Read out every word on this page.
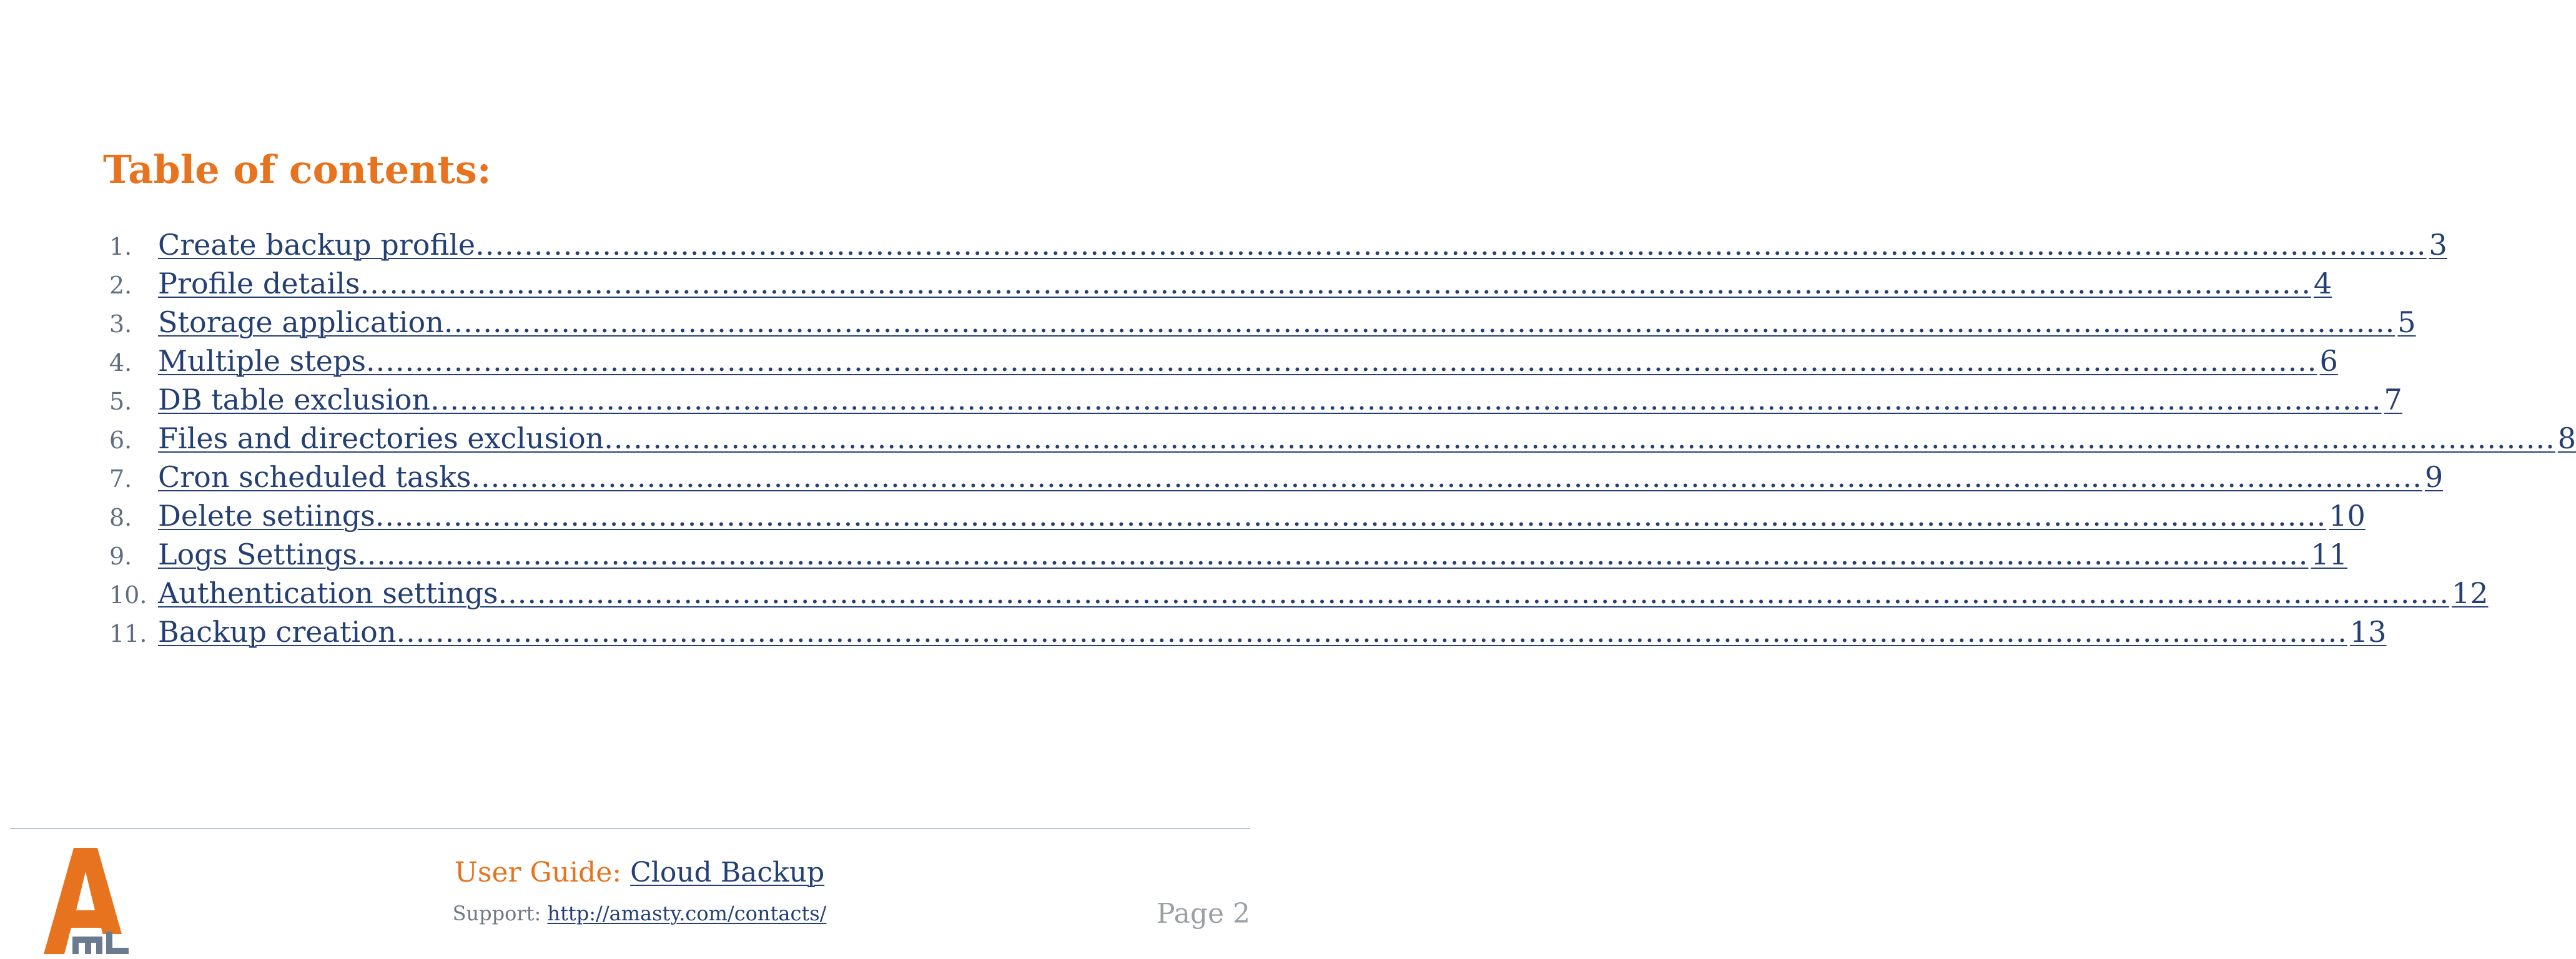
Table of contents:
1. Create backup profile ........................................................................................................................................................................................................ 3
2. Profile details ........................................................................................................................................................................................................ 4
3. Storage application ........................................................................................................................................................................................................ 5
4. Multiple steps ........................................................................................................................................................................................................ 6
5. DB table exclusion ........................................................................................................................................................................................................ 7
6. Files and directories exclusion ........................................................................................................................................................................................................ 8
7. Cron scheduled tasks ........................................................................................................................................................................................................ 9
8. Delete setiings ........................................................................................................................................................................................................ 10
9. Logs Settings ........................................................................................................................................................................................................ 11
10. Authentication settings ........................................................................................................................................................................................................ 12
11. Backup creation ........................................................................................................................................................................................................ 13
User Guide: Cloud Backup
Support: http://amasty.com/contacts/	Page 2
